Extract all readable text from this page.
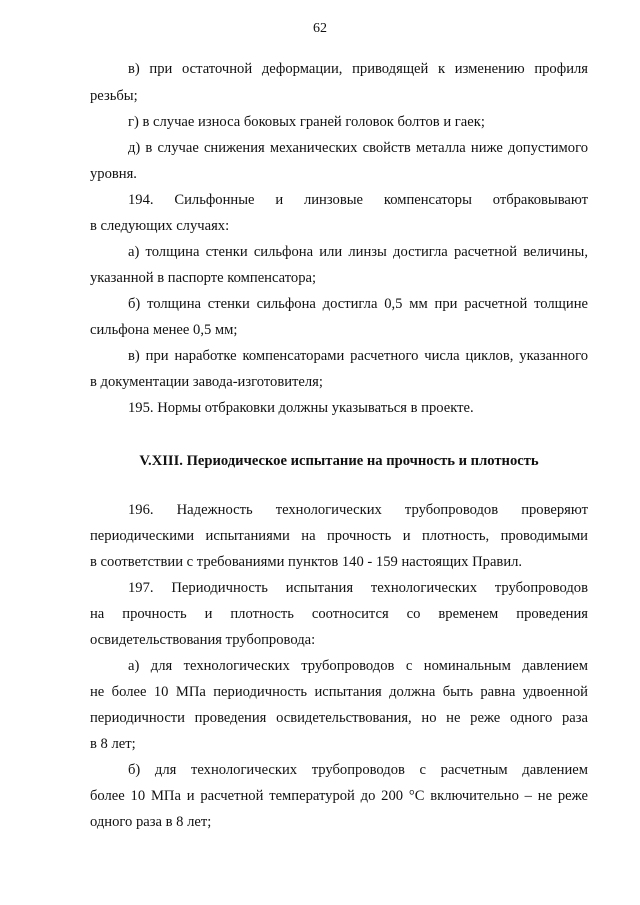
62
в) при остаточной деформации, приводящей к изменению профиля
резьбы;
г) в случае износа боковых граней головок болтов и гаек;
д) в случае снижения механических свойств металла ниже допустимого
уровня.
194. Сильфонные и линзовые компенсаторы отбраковывают
в следующих случаях:
а) толщина стенки сильфона или линзы достигла расчетной величины,
указанной в паспорте компенсатора;
б) толщина стенки сильфона достигла 0,5 мм при расчетной толщине
сильфона менее 0,5 мм;
в) при наработке компенсаторами расчетного числа циклов, указанного
в документации завода-изготовителя;
195. Нормы отбраковки должны указываться в проекте.
V.XIII. Периодическое испытание на прочность и плотность
196. Надежность технологических трубопроводов проверяют
периодическими испытаниями на прочность и плотность, проводимыми
в соответствии с требованиями пунктов 140 - 159 настоящих Правил.
197. Периодичность испытания технологических трубопроводов
на прочность и плотность соотносится со временем проведения
освидетельствования трубопровода:
а) для технологических трубопроводов с номинальным давлением
не более 10 МПа периодичность испытания должна быть равна удвоенной
периодичности проведения освидетельствования, но не реже одного раза
в 8 лет;
б) для технологических трубопроводов с расчетным давлением
более 10 МПа и расчетной температурой до 200 °С включительно – не реже
одного раза в 8 лет;
